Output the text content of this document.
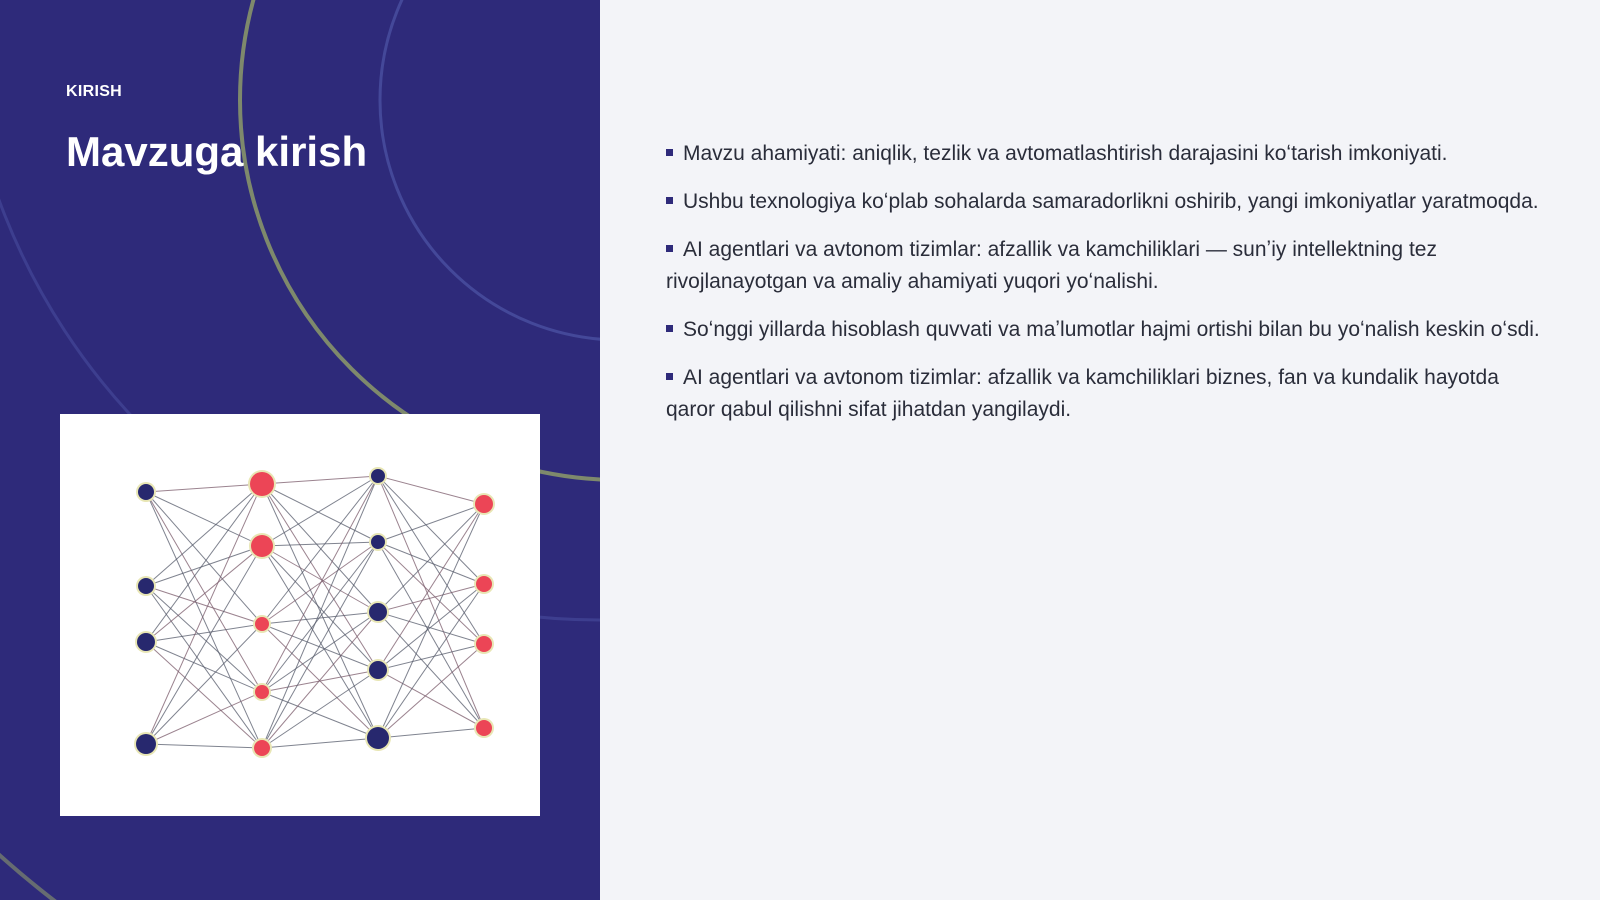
KIRISH
Mavzuga kirish	Mavzu ahamiyati: aniqlik, tezlik va avtomatlashtirish darajasini koʻtarish imkoniyati.
Ushbu texnologiya koʻplab sohalarda samaradorlikni oshirib, yangi imkoniyatlar yaratmoqda.
AI agentlari va avtonom tizimlar: afzallik va kamchiliklari — sunʼiy intellektning tez rivojlanayotgan va amaliy ahamiyati yuqori yoʻnalishi.
Soʻnggi yillarda hisoblash quvvati va maʼlumotlar hajmi ortishi bilan bu yoʻnalish keskin oʻsdi.
AI agentlari va avtonom tizimlar: afzallik va kamchiliklari biznes, fan va kundalik hayotda qaror qabul qilishni sifat jihatdan yangilaydi.
